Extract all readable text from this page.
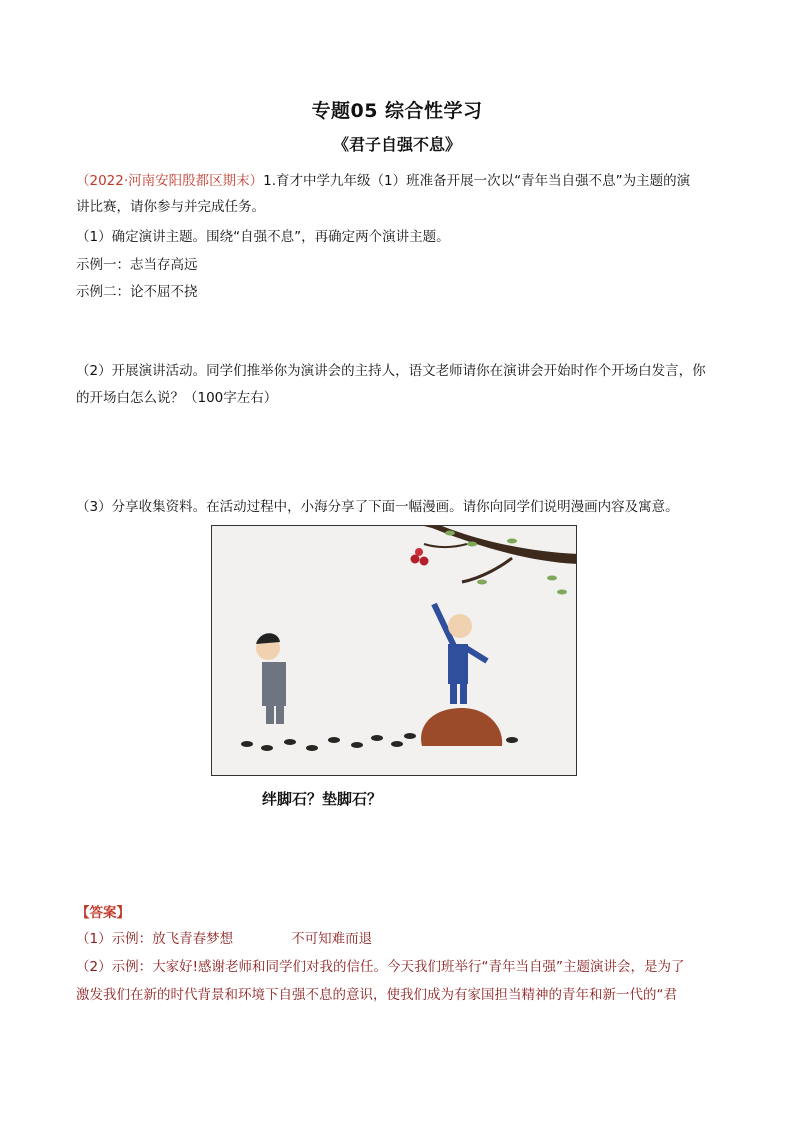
专题05 综合性学习
《君子自强不息》
（2022·河南安阳殷都区期末）1.育才中学九年级（1）班准备开展一次以“青年当自强不息”为主题的演
讲比赛，请你参与并完成任务。
（1）确定演讲主题。围绕“自强不息”，再确定两个演讲主题。
示例一：志当存高远
示例二：论不屈不挠
（2）开展演讲活动。同学们推举你为演讲会的主持人，语文老师请你在演讲会开始时作个开场白发言，你
的开场白怎么说？（100字左右）
（3）分享收集资料。在活动过程中，小海分享了下面一幅漫画。请你向同学们说明漫画内容及寓意。
绊脚石？垫脚石？
【答案】
（1）示例：放飞青春梦想	不可知难而退
（2）示例：大家好!感谢老师和同学们对我的信任。今天我们班举行“青年当自强”主题演讲会，是为了
激发我们在新的时代背景和环境下自强不息的意识，使我们成为有家国担当精神的青年和新一代的“君
